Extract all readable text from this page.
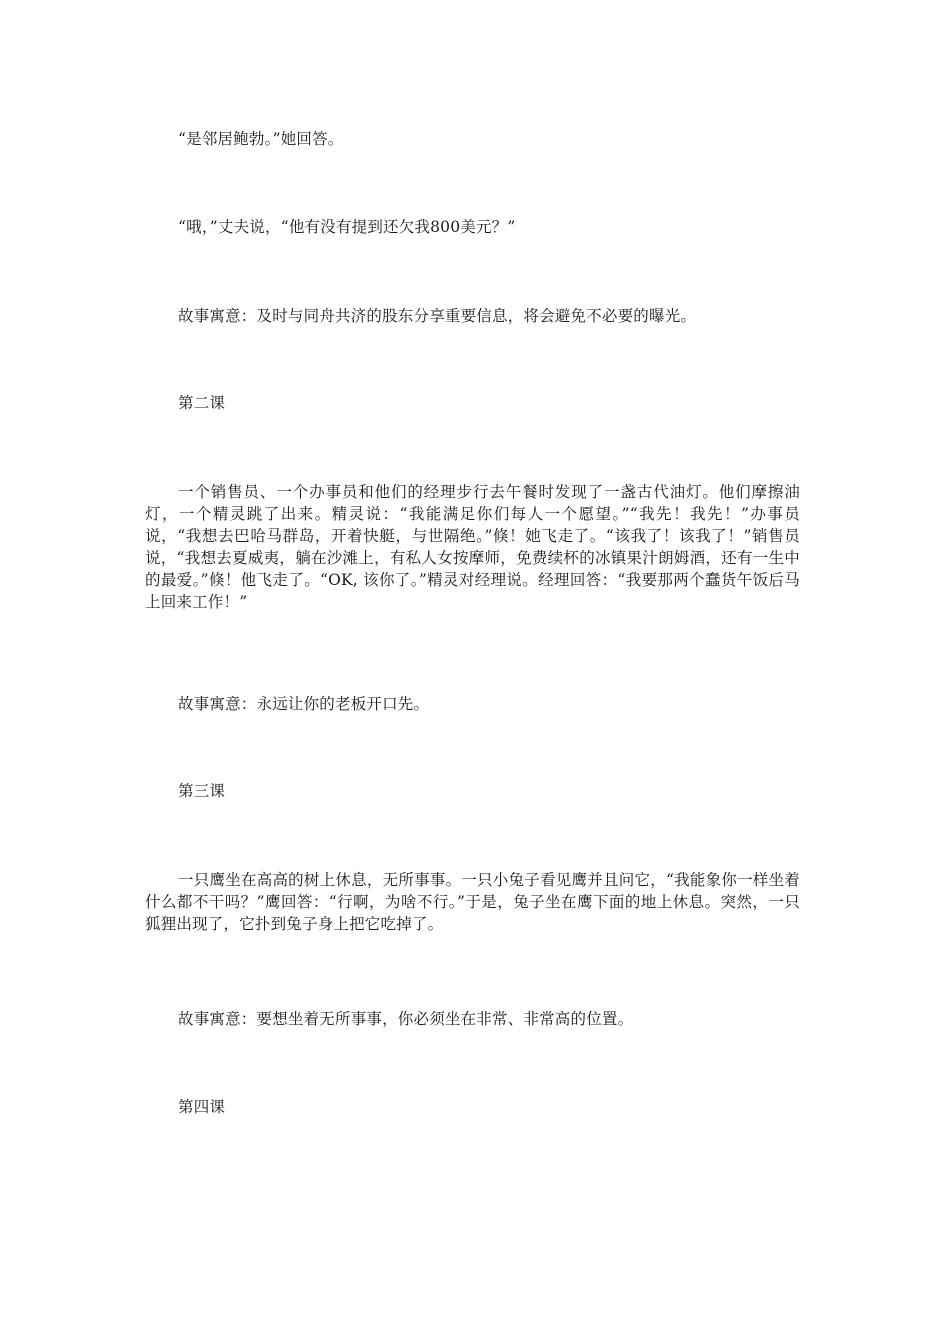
“是邻居鲍勃。”她回答。

“哦，”丈夫说，“他有没有提到还欠我800美元？”

故事寓意：及时与同舟共济的股东分享重要信息，将会避免不必要的曝光。

第二课

一个销售员、一个办事员和他们的经理步行去午餐时发现了一盏古代油灯。他们摩擦油灯，一个精灵跳了出来。精灵说：“我能满足你们每人一个愿望。”“我先！我先！”办事员说，“我想去巴哈马群岛，开着快艇，与世隔绝。”倏！她飞走了。“该我了！该我了！”销售员说，“我想去夏威夷，躺在沙滩上，有私人女按摩师，免费续杯的冰镇果汁朗姆酒，还有一生中的最爱。”倏！他飞走了。“OK, 该你了。”精灵对经理说。经理回答：“我要那两个蠢货午饭后马上回来工作！”

故事寓意：永远让你的老板开口先。

第三课

一只鹰坐在高高的树上休息，无所事事。一只小兔子看见鹰并且问它，“我能象你一样坐着什么都不干吗？”鹰回答：“行啊，为啥不行。”于是，兔子坐在鹰下面的地上休息。突然，一只狐狸出现了，它扑到兔子身上把它吃掉了。

故事寓意：要想坐着无所事事，你必须坐在非常、非常高的位置。

第四课
